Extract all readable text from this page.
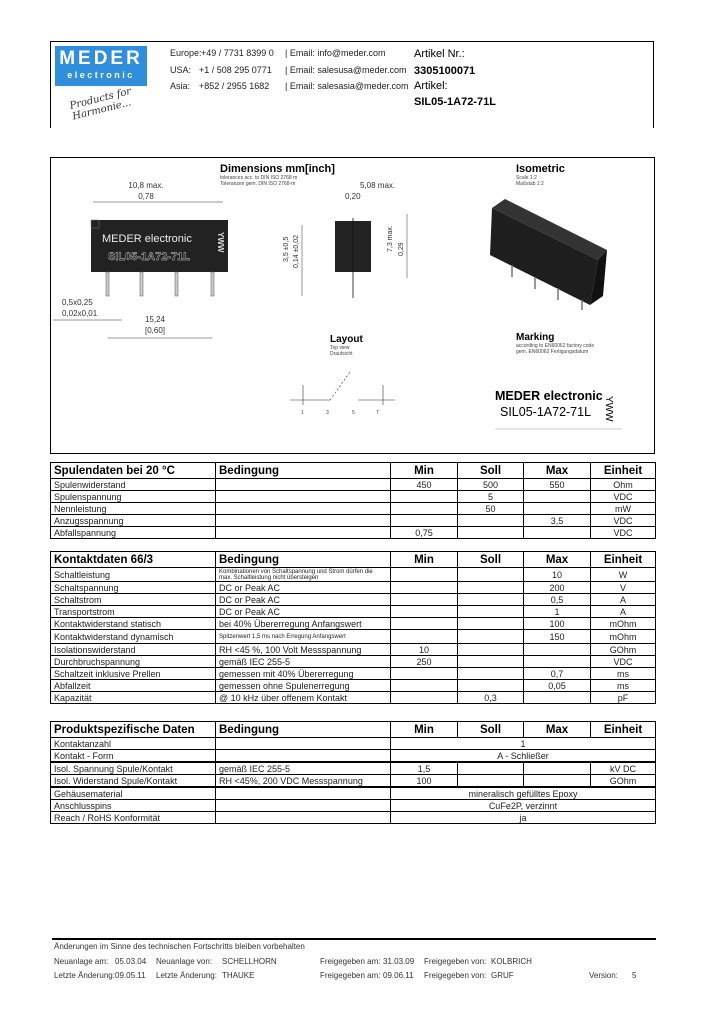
MEDER
electronic
Products for Harmonie...
Europe: +49 / 7731 8399 0 | Email: info@meder.com
USA: +1 / 508 295 0771 | Email: salesusa@meder.com
Asia: +852 / 2955 1682 | Email: salesasia@meder.com
Artikel Nr.:
3305100071
Artikel:
SIL05-1A72-71L
Dimensions mm[inch]
tolerances acc. to DIN ISO 2768 m
Toleranzen gem. DIN ISO 2768-m
10,8 max.
0,78
MEDER electronic
SIL05-1A72-71L
YWW
0,5x0,25
0,02x0,01
15,24
[0,60]
5,08 max.
0,20
3,5 ±0,5 0,14 ±0,02	7,3 max. 0,29
Isometric
Scale 1:2
Maßstab 1:2
Layout
Top view
Draufsicht
1	3	5	7
Marking
according to EN60062 factory code
gem. EN60062 Fertigungsdatum
MEDER electronic
SIL05-1A72-71L YWW
Spulendaten bei 20 °C	Bedingung	Min	Soll	Max	Einheit
Spulenwiderstand		450	500	550	Ohm
Spulenspannung			5		VDC
Nennleistung			50		mW
Anzugsspannung				3,5	VDC
Abfallspannung		0,75			VDC
Kontaktdaten 66/3	Bedingung	Min	Soll	Max	Einheit
Schaltleistung	Kombinationen von Schaltspannung und Strom dürfen die max. Schaltleistung nicht übersteigen			10	W
Schaltspannung	DC or Peak AC			200	V
Schaltstrom	DC or Peak AC			0,5	A
Transportstrom	DC or Peak AC			1	A
Kontaktwiderstand statisch	bei 40% Übererregung Anfangswert			100	mOhm
Kontaktwiderstand dynamisch	Spitzenwert 1,5 ms nach Erregung Anfangswert			150	mOhm
Isolationswiderstand	RH <45 %, 100 Volt Messspannung	10			GOhm
Durchbruchspannung	gemäß IEC 255-5	250			VDC
Schaltzeit inklusive Prellen	gemessen mit 40% Übererregung			0,7	ms
Abfallzeit	gemessen ohne Spulenerregung			0,05	ms
Kapazität	@ 10 kHz über offenem Kontakt		0,3		pF
Produktspezifische Daten	Bedingung	Min	Soll	Max	Einheit
Kontaktanzahl		1			
Kontakt - Form		A - Schließer			
Isol. Spannung Spule/Kontakt	gemäß IEC 255-5	1,5			kV DC
Isol. Widerstand Spule/Kontakt	RH <45%, 200 VDC Messspannung	100			GOhm
Gehäusematerial		mineralisch gefülltes Epoxy			
Anschlusspins		CuFe2P, verzinnt			
Reach / RoHS Konformität		ja			
Änderungen im Sinne des technischen Fortschritts bleiben vorbehalten
Neuanlage am: 05.03.04 Neuanlage von: SCHELLHORN	Freigegeben am: 31.03.09 Freigegeben von: KOLBRICH
Letzte Änderung: 09.05.11 Letzte Änderung: THAUKE	Freigegeben am: 09.06.11 Freigegeben von: GRUF	Version: 5
